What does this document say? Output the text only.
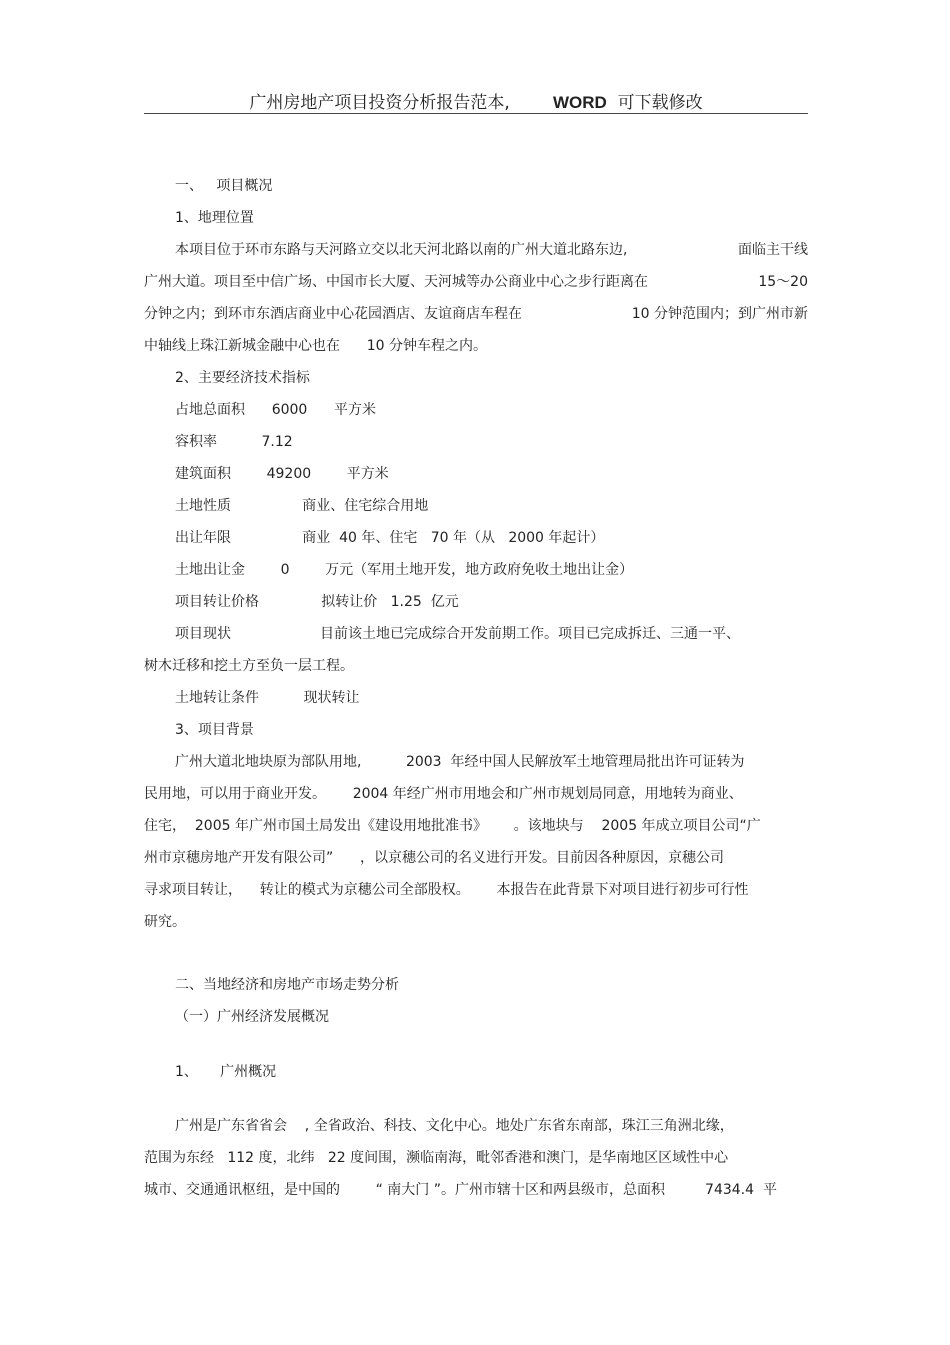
广州房地产项目投资分析报告范本,	WORD 可下载修改
一、   项目概况
1、地理位置
本项目位于环市东路与天河路立交以北天河北路以南的广州大道北路东边,	面临主干线
广州大道。项目至中信广场、中国市长大厦、天河城等办公商业中心之步行距离在	15～20
分钟之内；到环市东酒店商业中心花园酒店、友谊商店车程在	10 分钟范围内；到广州市新
中轴线上珠江新城金融中心也在      10 分钟车程之内。
2、主要经济技术指标
占地总面积      6000      平方米
容积率          7.12
建筑面积        49200        平方米
土地性质                商业、住宅综合用地
出让年限                商业  40 年、住宅   70 年（从   2000 年起计）
土地出让金        0        万元（军用土地开发，地方政府免收土地出让金）
项目转让价格              拟转让价   1.25  亿元
项目现状                    目前该土地已完成综合开发前期工作。项目已完成拆迁、三通一平、
树木迁移和挖土方至负一层工程。
土地转让条件          现状转让
3、项目背景
广州大道北地块原为部队用地,          2003  年经中国人民解放军土地管理局批出许可证转为
民用地，可以用于商业开发。      2004 年经广州市用地会和广州市规划局同意，用地转为商业、
住宅，  2005 年广州市国土局发出《建设用地批准书》      。该地块与    2005 年成立项目公司“广
州市京穗房地产开发有限公司”      ，以京穗公司的名义进行开发。目前因各种原因，京穗公司
寻求项目转让，    转让的模式为京穗公司全部股权。      本报告在此背景下对项目进行初步可行性
研究。
二、当地经济和房地产市场走势分析
（一）广州经济发展概况
1、     广州概况
广州是广东省省会    , 全省政治、科技、文化中心。地处广东省东南部，珠江三角洲北缘，
范围为东经   112 度，北纬   22 度间围，濒临南海，毗邻香港和澳门，是华南地区区域性中心
城市、交通通讯枢纽，是中国的        “ 南大门 ”。广州市辖十区和两县级市，总面积         7434.4  平
